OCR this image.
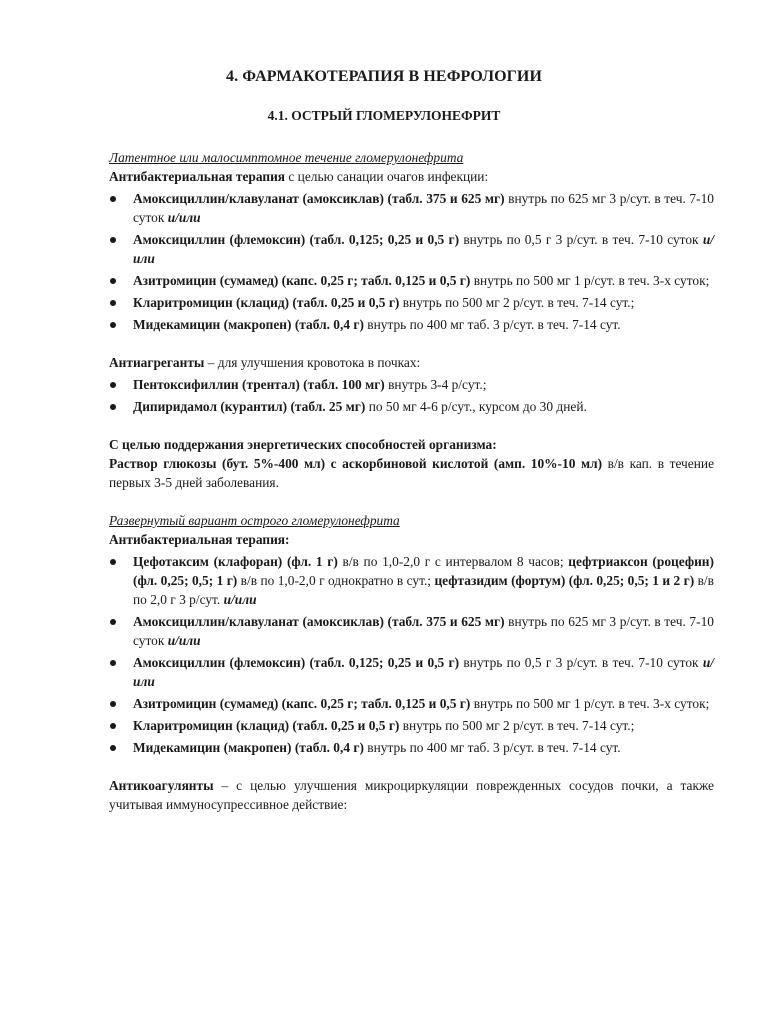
4. ФАРМАКОТЕРАПИЯ В НЕФРОЛОГИИ
4.1. ОСТРЫЙ ГЛОМЕРУЛОНЕФРИТ

Латентное или малосимптомное течение гломерулонефрита

Антибактериальная терапия с целью санации очагов инфекции:

Амоксициллин/клавуланат (амоксиклав) (табл. 375 и 625 мг) внутрь по 625 мг 3 р/сут. в теч. 7-10 суток и/или
Амоксициллин (флемоксин) (табл. 0,125; 0,25 и 0,5 г) внутрь по 0,5 г 3 р/сут. в теч. 7-10 суток и/или
Азитромицин (сумамед) (капс. 0,25 г; табл. 0,125 и 0,5 г) внутрь по 500 мг 1 р/сут. в теч. 3-х суток;
Кларитромицин (клацид) (табл. 0,25 и 0,5 г) внутрь по 500 мг 2 р/сут. в теч. 7-14 сут.;
Мидекамицин (макропен) (табл. 0,4 г) внутрь по 400 мг таб. 3 р/сут. в теч. 7-14 сут.

Антиагреганты – для улучшения кровотока в почках:

Пентоксифиллин (трентал) (табл. 100 мг) внутрь 3-4 р/сут.;
Дипиридамол (курантил) (табл. 25 мг) по 50 мг 4-6 р/сут., курсом до 30 дней.

С целью поддержания энергетических способностей организма:

Раствор глюкозы (бут. 5%-400 мл) с аскорбиновой кислотой (амп. 10%-10 мл) в/в кап. в течение первых 3-5 дней заболевания.

Развернутый вариант острого гломерулонефрита

Антибактериальная терапия:

Цефотаксим (клафоран) (фл. 1 г) в/в по 1,0-2,0 г с интервалом 8 часов; цефтриаксон (роцефин) (фл. 0,25; 0,5; 1 г) в/в по 1,0-2,0 г однократно в сут.; цефтазидим (фортум) (фл. 0,25; 0,5; 1 и 2 г) в/в по 2,0 г 3 р/сут. и/или
Амоксициллин/клавуланат (амоксиклав) (табл. 375 и 625 мг) внутрь по 625 мг 3 р/сут. в теч. 7-10 суток и/или
Амоксициллин (флемоксин) (табл. 0,125; 0,25 и 0,5 г) внутрь по 0,5 г 3 р/сут. в теч. 7-10 суток и/или
Азитромицин (сумамед) (капс. 0,25 г; табл. 0,125 и 0,5 г) внутрь по 500 мг 1 р/сут. в теч. 3-х суток;
Кларитромицин (клацид) (табл. 0,25 и 0,5 г) внутрь по 500 мг 2 р/сут. в теч. 7-14 сут.;
Мидекамицин (макропен) (табл. 0,4 г) внутрь по 400 мг таб. 3 р/сут. в теч. 7-14 сут.

Антикоагулянты – с целью улучшения микроциркуляции поврежденных сосудов почки, а также учитывая иммуносупрессивное действие:
